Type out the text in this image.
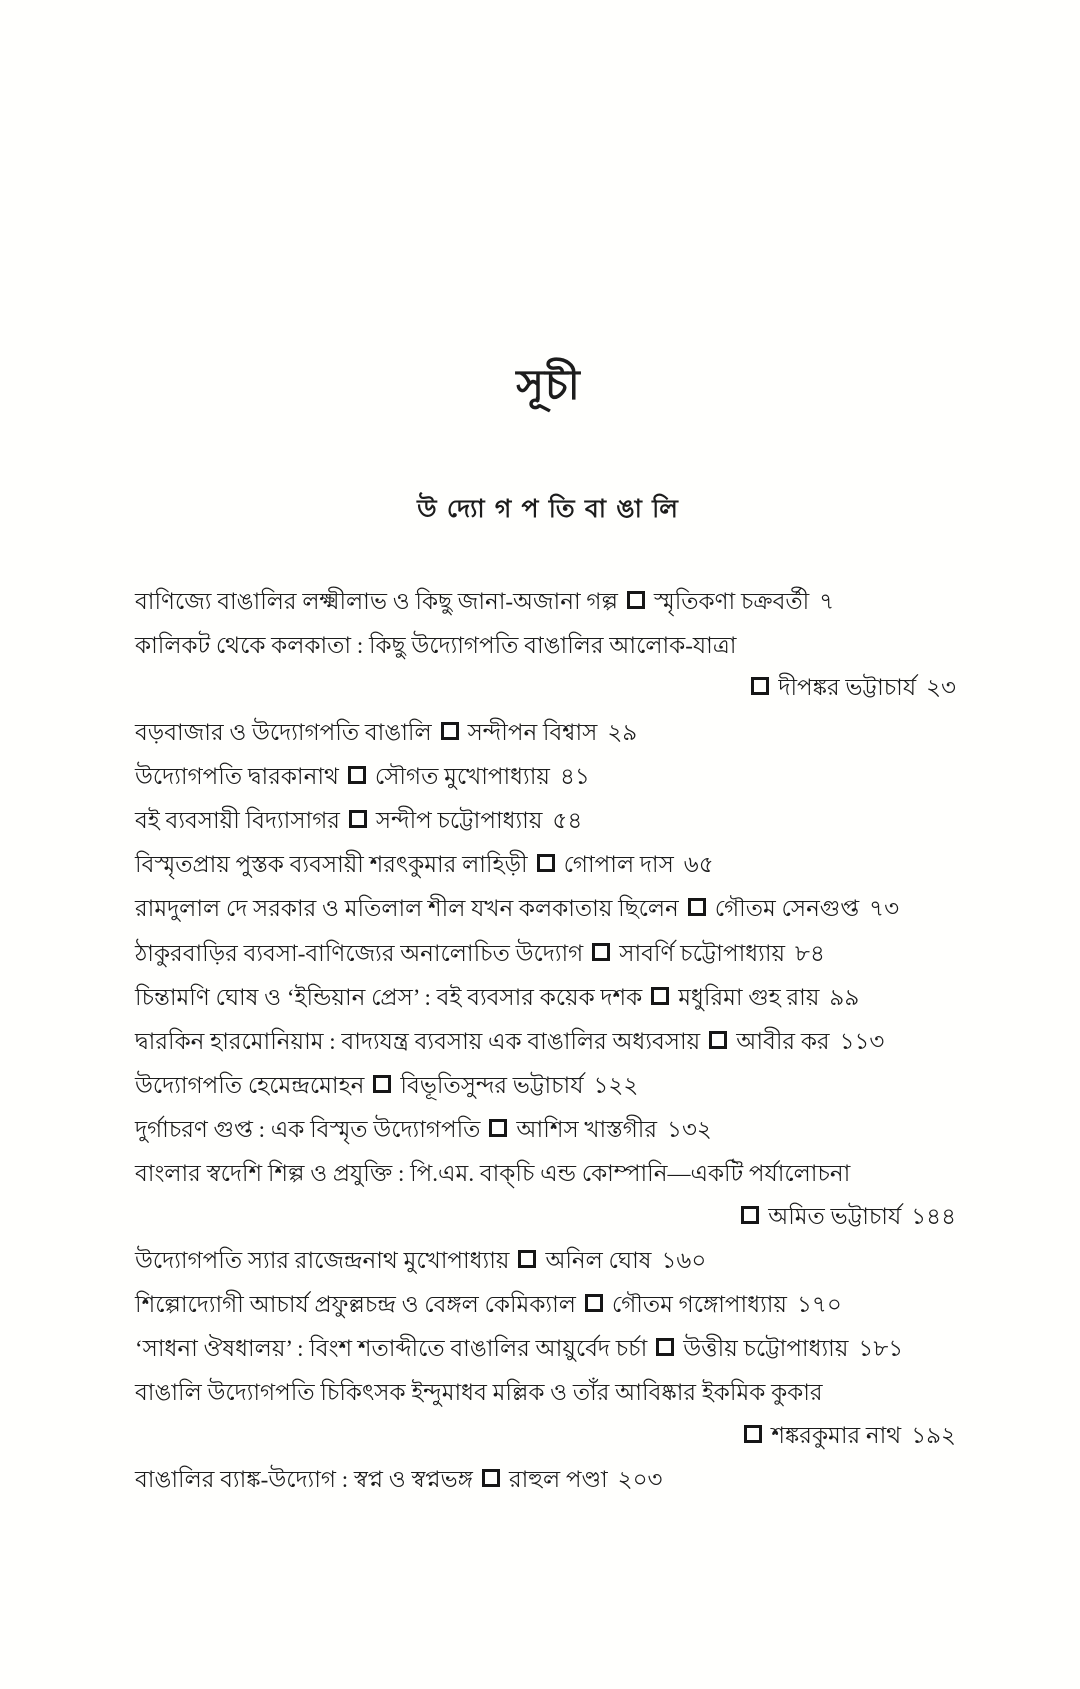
সূচী
উ দ্যো গ প তি বা ঙা লি
বাণিজ্যে বাঙালির লক্ষ্মীলাভ ও কিছু জানা-অজানা গল্প স্মৃতিকণা চক্রবর্তী ৭
কালিকট থেকে কলকাতা : কিছু উদ্যোগপতি বাঙালির আলোক-যাত্রা
দীপঙ্কর ভট্টাচার্য ২৩
বড়বাজার ও উদ্যোগপতি বাঙালি সন্দীপন বিশ্বাস ২৯
উদ্যোগপতি দ্বারকানাথ সৌগত মুখোপাধ্যায় ৪১
বই ব্যবসায়ী বিদ্যাসাগর সন্দীপ চট্টোপাধ্যায় ৫৪
বিস্মৃতপ্রায় পুস্তক ব্যবসায়ী শরৎকুমার লাহিড়ী গোপাল দাস ৬৫
রামদুলাল দে সরকার ও মতিলাল শীল যখন কলকাতায় ছিলেন গৌতম সেনগুপ্ত ৭৩
ঠাকুরবাড়ির ব্যবসা-বাণিজ্যের অনালোচিত উদ্যোগ সাবর্ণি চট্টোপাধ্যায় ৮৪
চিন্তামণি ঘোষ ও ‘ইন্ডিয়ান প্রেস’ : বই ব্যবসার কয়েক দশক মধুরিমা গুহ রায় ৯৯
দ্বারকিন হারমোনিয়াম : বাদ্যযন্ত্র ব্যবসায় এক বাঙালির অধ্যবসায় আবীর কর ১১৩
উদ্যোগপতি হেমেন্দ্রমোহন বিভূতিসুন্দর ভট্টাচার্য ১২২
দুর্গাচরণ গুপ্ত : এক বিস্মৃত উদ্যোগপতি আশিস খাস্তগীর ১৩২
বাংলার স্বদেশি শিল্প ও প্রযুক্তি : পি.এম. বাক্‌চি এন্ড কোম্পানি—একটি পর্যালোচনা
অমিত ভট্টাচার্য ১৪৪
উদ্যোগপতি স্যার রাজেন্দ্রনাথ মুখোপাধ্যায় অনিল ঘোষ ১৬০
শিল্পোদ্যোগী আচার্য প্রফুল্লচন্দ্র ও বেঙ্গল কেমিক্যাল গৌতম গঙ্গোপাধ্যায় ১৭০
‘সাধনা ঔষধালয়’ : বিংশ শতাব্দীতে বাঙালির আয়ুর্বেদ চর্চা উত্তীয় চট্টোপাধ্যায় ১৮১
বাঙালি উদ্যোগপতি চিকিৎসক ইন্দুমাধব মল্লিক ও তাঁর আবিষ্কার ইকমিক কুকার
শঙ্করকুমার নাথ ১৯২
বাঙালির ব্যাঙ্ক-উদ্যোগ : স্বপ্ন ও স্বপ্নভঙ্গ রাহুল পণ্ডা ২০৩
